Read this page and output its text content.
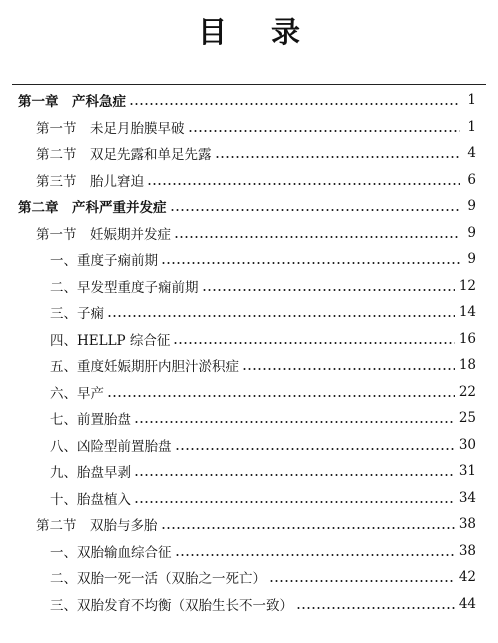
目 录
第一章　产科急症	1
第一节　未足月胎膜早破	1
第二节　双足先露和单足先露	4
第三节　胎儿窘迫	6
第二章　产科严重并发症	9
第一节　妊娠期并发症	9
一、重度子痫前期	9
二、早发型重度子痫前期	12
三、子痫	14
四、HELLP 综合征	16
五、重度妊娠期肝内胆汁淤积症	18
六、早产	22
七、前置胎盘	25
八、凶险型前置胎盘	30
九、胎盘早剥	31
十、胎盘植入	34
第二节　双胎与多胎	38
一、双胎输血综合征	38
二、双胎一死一活（双胎之一死亡）	42
三、双胎发育不均衡（双胎生长不一致）	44
